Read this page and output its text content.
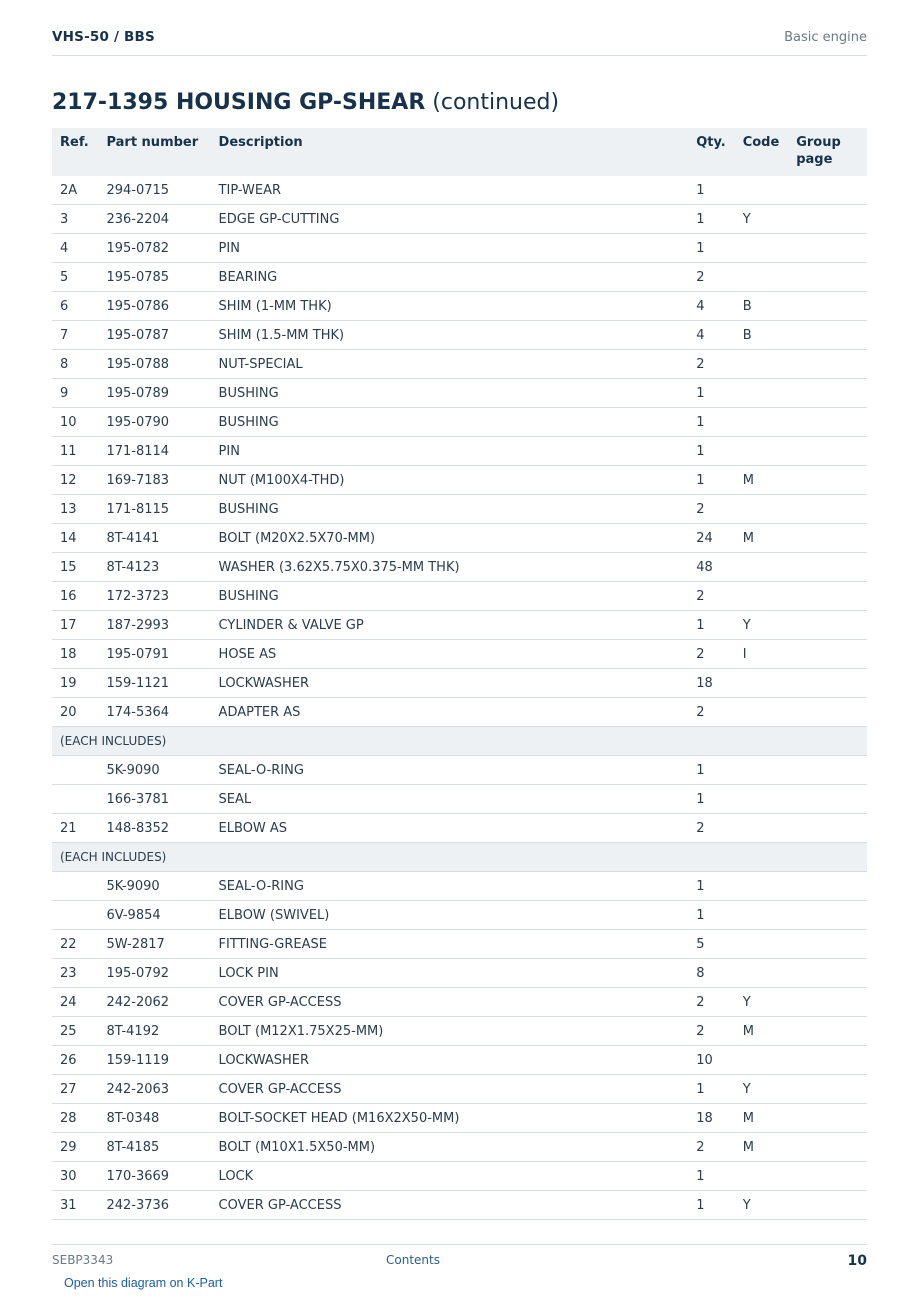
VHS-50 / BBS	Basic engine
217-1395 HOUSING GP-SHEAR (continued)
Ref.	Part number	Description	Qty.	Code	Group page
2A	294-0715	TIP-WEAR	1		
3	236-2204	EDGE GP-CUTTING	1	Y	
4	195-0782	PIN	1		
5	195-0785	BEARING	2		
6	195-0786	SHIM (1-MM THK)	4	B	
7	195-0787	SHIM (1.5-MM THK)	4	B	
8	195-0788	NUT-SPECIAL	2		
9	195-0789	BUSHING	1		
10	195-0790	BUSHING	1		
11	171-8114	PIN	1		
12	169-7183	NUT (M100X4-THD)	1	M	
13	171-8115	BUSHING	2		
14	8T-4141	BOLT (M20X2.5X70-MM)	24	M	
15	8T-4123	WASHER (3.62X5.75X0.375-MM THK)	48		
16	172-3723	BUSHING	2		
17	187-2993	CYLINDER & VALVE GP	1	Y	
18	195-0791	HOSE AS	2	I	
19	159-1121	LOCKWASHER	18		
20	174-5364	ADAPTER AS	2		
(EACH INCLUDES)					
	5K-9090	SEAL-O-RING	1		
	166-3781	SEAL	1		
21	148-8352	ELBOW AS	2		
(EACH INCLUDES)					
	5K-9090	SEAL-O-RING	1		
	6V-9854	ELBOW (SWIVEL)	1		
22	5W-2817	FITTING-GREASE	5		
23	195-0792	LOCK PIN	8		
24	242-2062	COVER GP-ACCESS	2	Y	
25	8T-4192	BOLT (M12X1.75X25-MM)	2	M	
26	159-1119	LOCKWASHER	10		
27	242-2063	COVER GP-ACCESS	1	Y	
28	8T-0348	BOLT-SOCKET HEAD (M16X2X50-MM)	18	M	
29	8T-4185	BOLT (M10X1.5X50-MM)	2	M	
30	170-3669	LOCK	1		
31	242-3736	COVER GP-ACCESS	1	Y	
SEBP3343	Contents	10
Open this diagram on K-Part
